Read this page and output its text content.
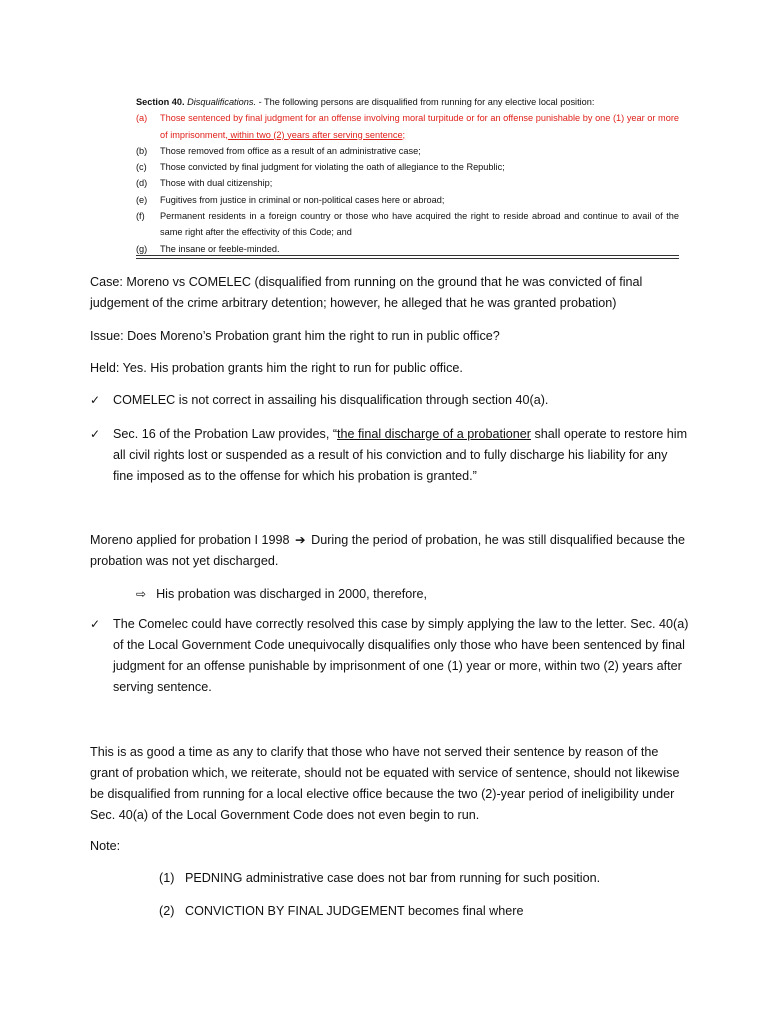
Section 40. Disqualifications. - The following persons are disqualified from running for any elective local position:
(a)	Those sentenced by final judgment for an offense involving moral turpitude or for an offense punishable by one (1) year or more of imprisonment, within two (2) years after serving sentence;
(b)	Those removed from office as a result of an administrative case;
(c)	Those convicted by final judgment for violating the oath of allegiance to the Republic;
(d)	Those with dual citizenship;
(e)	Fugitives from justice in criminal or non-political cases here or abroad;
(f)	Permanent residents in a foreign country or those who have acquired the right to reside abroad and continue to avail of the same right after the effectivity of this Code; and
(g)	The insane or feeble-minded.
Case: Moreno vs COMELEC (disqualified from running on the ground that he was convicted of final judgement of the crime arbitrary detention; however, he alleged that he was granted probation)
Issue: Does Moreno’s Probation grant him the right to run in public office?
Held: Yes. His probation grants him the right to run for public office.
✓ COMELEC is not correct in assailing his disqualification through section 40(a).
✓ Sec. 16 of the Probation Law provides, “the final discharge of a probationer shall operate to restore him all civil rights lost or suspended as a result of his conviction and to fully discharge his liability for any fine imposed as to the offense for which his probation is granted.”
Moreno applied for probation I 1998 ➔ During the period of probation, he was still disqualified because the probation was not yet discharged.
⇨ His probation was discharged in 2000, therefore,
✓ The Comelec could have correctly resolved this case by simply applying the law to the letter. Sec. 40(a) of the Local Government Code unequivocally disqualifies only those who have been sentenced by final judgment for an offense punishable by imprisonment of one (1) year or more, within two (2) years after serving sentence.
This is as good a time as any to clarify that those who have not served their sentence by reason of the grant of probation which, we reiterate, should not be equated with service of sentence, should not likewise be disqualified from running for a local elective office because the two (2)-year period of ineligibility under Sec. 40(a) of the Local Government Code does not even begin to run.
Note:
(1) PEDNING administrative case does not bar from running for such position.
(2) CONVICTION BY FINAL JUDGEMENT becomes final where
